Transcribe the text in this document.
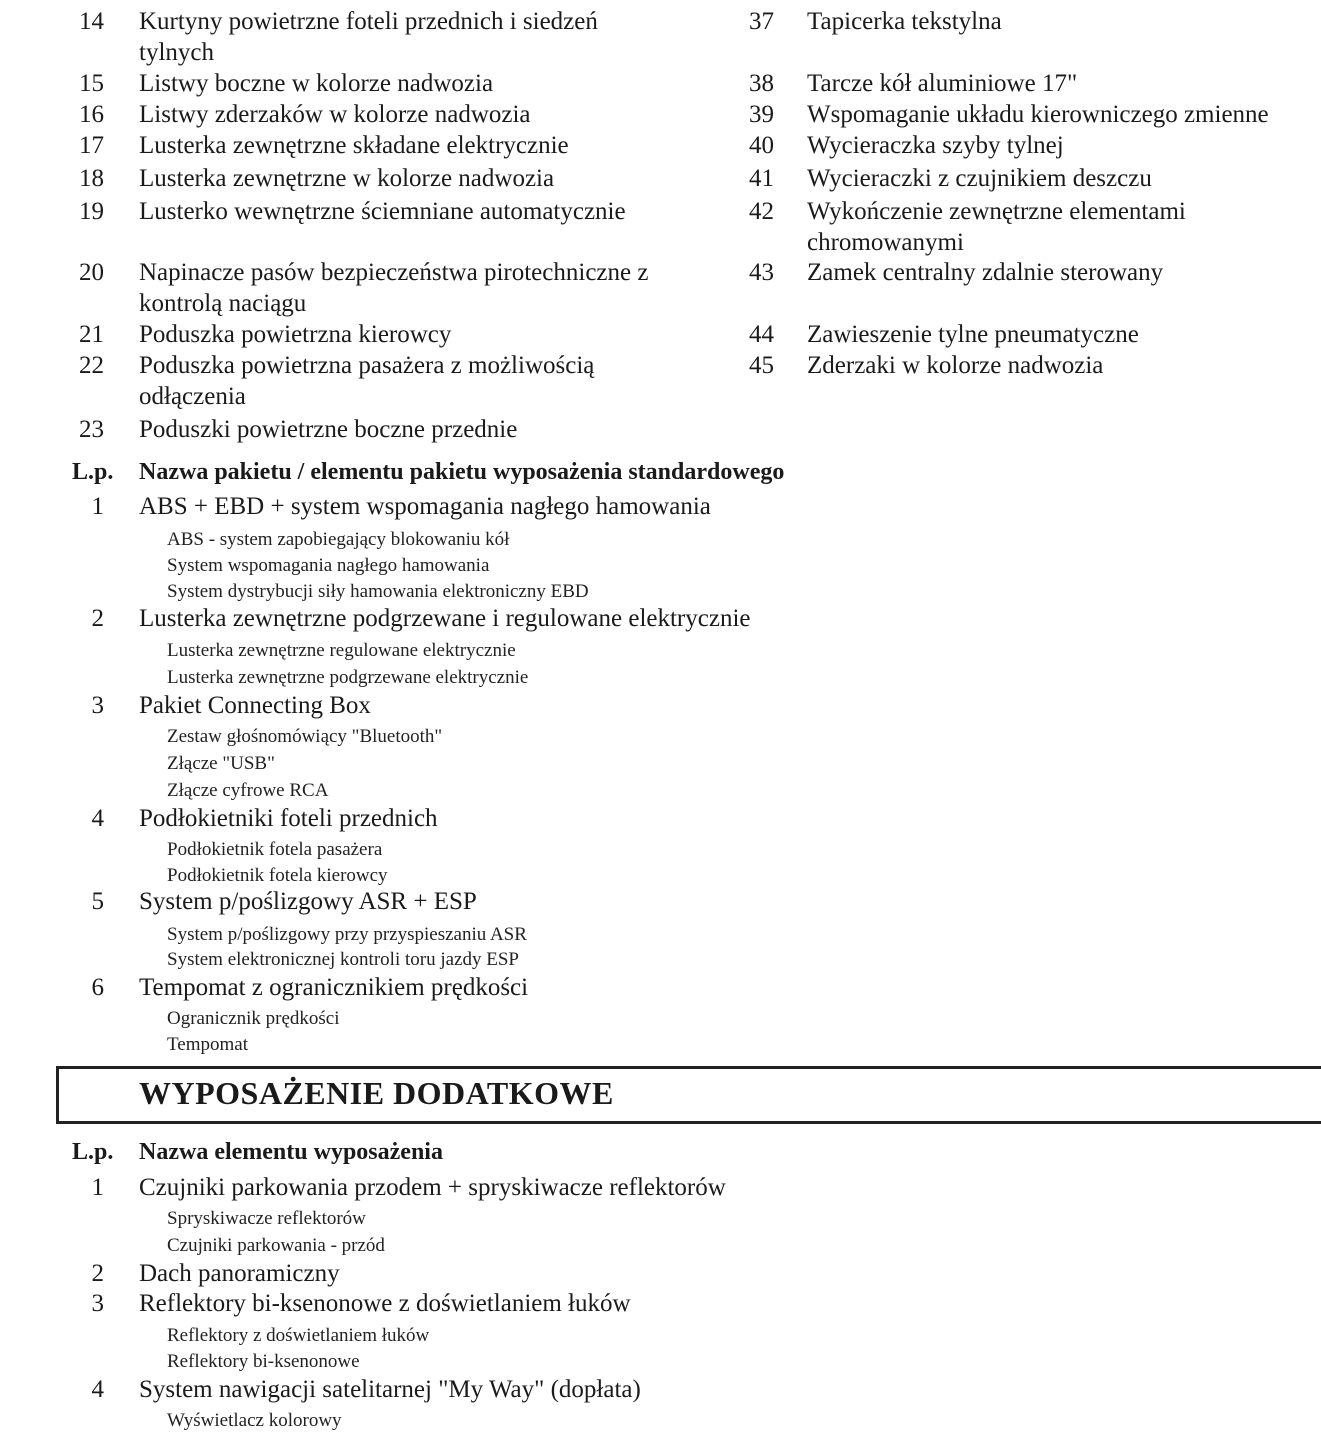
14 Kurtyny powietrzne foteli przednich i siedzeń
tylnych
15 Listwy boczne w kolorze nadwozia
16 Listwy zderzaków w kolorze nadwozia
17 Lusterka zewnętrzne składane elektrycznie
18 Lusterka zewnętrzne w kolorze nadwozia
19 Lusterko wewnętrzne ściemniane automatycznie
20 Napinacze pasów bezpieczeństwa pirotechniczne z
kontrolą naciągu
21 Poduszka powietrzna kierowcy
22 Poduszka powietrzna pasażera z możliwością
odłączenia
23 Poduszki powietrzne boczne przednie
37 Tapicerka tekstylna
38 Tarcze kół aluminiowe 17"
39 Wspomaganie układu kierowniczego zmienne
40 Wycieraczka szyby tylnej
41 Wycieraczki z czujnikiem deszczu
42 Wykończenie zewnętrzne elementami
chromowanymi
43 Zamek centralny zdalnie sterowany
44 Zawieszenie tylne pneumatyczne
45 Zderzaki w kolorze nadwozia
L.p. Nazwa pakietu / elementu pakietu wyposażenia standardowego
1 ABS + EBD + system wspomagania nagłego hamowania
ABS - system zapobiegający blokowaniu kół
System wspomagania nagłego hamowania
System dystrybucji siły hamowania elektroniczny EBD
2 Lusterka zewnętrzne podgrzewane i regulowane elektrycznie
Lusterka zewnętrzne regulowane elektrycznie
Lusterka zewnętrzne podgrzewane elektrycznie
3 Pakiet Connecting Box
Zestaw głośnomówiący "Bluetooth"
Złącze "USB"
Złącze cyfrowe RCA
4 Podłokietniki foteli przednich
Podłokietnik fotela pasażera
Podłokietnik fotela kierowcy
5 System p/poślizgowy ASR + ESP
System p/poślizgowy przy przyspieszaniu ASR
System elektronicznej kontroli toru jazdy ESP
6 Tempomat z ogranicznikiem prędkości
Ogranicznik prędkości
Tempomat
WYPOSAŻENIE DODATKOWE
L.p. Nazwa elementu wyposażenia
1 Czujniki parkowania przodem + spryskiwacze reflektorów
Spryskiwacze reflektorów
Czujniki parkowania - przód
2 Dach panoramiczny
3 Reflektory bi-ksenonowe z doświetlaniem łuków
Reflektory z doświetlaniem łuków
Reflektory bi-ksenonowe
4 System nawigacji satelitarnej "My Way" (dopłata)
Wyświetlacz kolorowy
